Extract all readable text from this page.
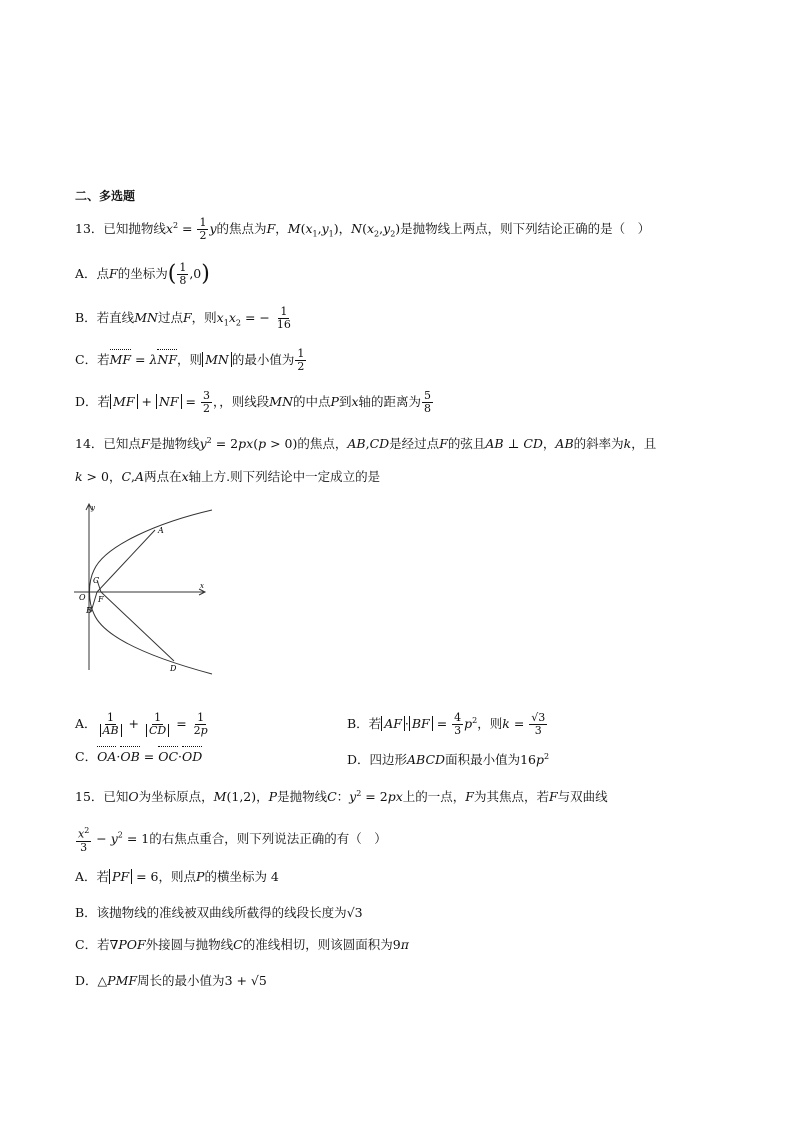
二、多选题
13．已知抛物线$x^2 = \frac{1}{2}$ y的焦点为F，$M(x_1,y_1)$，$N(x_2,y_2)$是抛物线上两点，则下列结论正确的是（　）
A．点F的坐标为( $\frac{1}{8} ,0$)
B．若直线MN过点F，则$x_1x_2$ = − $\frac{1}{16}$
C．若MF = λNF，则 MN 的最小值为 $\frac{1}{2}$
D．若 MF + NF = $\frac{3}{2}$ ，，则线段MN的中点P到x轴的距离为 $\frac{5}{8}$
14．已知点F是抛物线$y^2 = 2px(p > 0)$的焦点，AB,CD是经过点F的弦且AB ⊥ CD，AB的斜率为k，且
k > 0，C,A两点在x轴上方.则下列结论中一定成立的是
y
x
O
A
B
C
D
F
A． $\frac{1}{AB} + \frac{1}{CD} = \frac{1}{2p}$	B．若 AF · BF = $\frac{4}{3} p^2$，则$k = \frac{√3}{3}$
C．OA·OB = OC·OD	D．四边形ABCD面积最小值为$16p^2$
15．已知O为坐标原点，M(1,2)，P是抛物线C：$y^2 = 2px$上的一点，F为其焦点，若F与双曲线
$\frac{x^2}{3} - y^2 = 1$的右焦点重合，则下列说法正确的有（　）
A．若 PF = 6，则点P的横坐标为 4
B．该抛物线的准线被双曲线所截得的线段长度为√3
C．若∇POF外接圆与抛物线C的准线相切，则该圆面积为9π
D．△PMF周长的最小值为3 + √5
